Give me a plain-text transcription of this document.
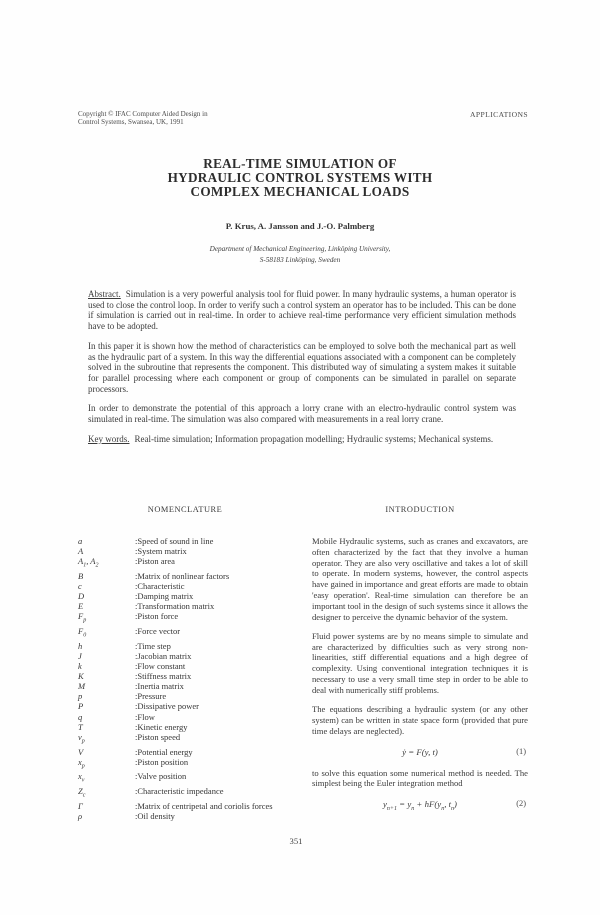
Copyright © IFAC Computer Aided Design in
Control Systems, Swansea, UK, 1991
APPLICATIONS
REAL-TIME SIMULATION OF
HYDRAULIC CONTROL SYSTEMS WITH
COMPLEX MECHANICAL LOADS
P. Krus, A. Jansson and J.-O. Palmberg
Department of Mechanical Engineering, Linköping University,
S-58183 Linköping, Sweden

Abstract. Simulation is a very powerful analysis tool for fluid power. In many hydraulic systems, a human operator is used to close the control loop. In order to verify such a control system an operator has to be included. This can be done if simulation is carried out in real-time. In order to achieve real-time performance very efficient simulation methods have to be adopted.

In this paper it is shown how the method of characteristics can be employed to solve both the mechanical part as well as the hydraulic part of a system. In this way the differential equations associated with a component can be completely solved in the subroutine that represents the component. This distributed way of simulating a system makes it suitable for parallel processing where each component or group of components can be simulated in parallel on separate processors.

In order to demonstrate the potential of this approach a lorry crane with an electro-hydraulic control system was simulated in real-time. The simulation was also compared with measurements in a real lorry crane.

Key words. Real-time simulation; Information propagation modelling; Hydraulic systems; Mechanical systems.

NOMENCLATURE
a	:Speed of sound in line
A	:System matrix
$A_1$, $A_2$	:Piston area
B	:Matrix of nonlinear factors
c	:Characteristic
D	:Damping matrix
E	:Transformation matrix
$F_p$	:Piston force
$F_0$	:Force vector
h	:Time step
J	:Jacobian matrix
k	:Flow constant
K	:Stiffness matrix
M	:Inertia matrix
p	:Pressure
P	:Dissipative power
q	:Flow
T	:Kinetic energy
$v_p$	:Piston speed
V	:Potential energy
$x_p$	:Piston position
$x_v$	:Valve position
$Z_c$	:Characteristic impedance
Γ	:Matrix of centripetal and coriolis forces
ρ	:Oil density
INTRODUCTION

Mobile Hydraulic systems, such as cranes and excavators, are often characterized by the fact that they involve a human operator. They are also very oscillative and takes a lot of skill to operate. In modern systems, however, the control aspects have gained in importance and great efforts are made to obtain 'easy operation'. Real-time simulation can therefore be an important tool in the design of such systems since it allows the designer to perceive the dynamic behavior of the system.

Fluid power systems are by no means simple to simulate and are characterized by difficulties such as very strong non-linearities, stiff differential equations and a high degree of complexity. Using conventional integration techniques it is necessary to use a very small time step in order to be able to deal with numerically stiff problems.

The equations describing a hydraulic system (or any other system) can be written in state space form (provided that pure time delays are neglected).

ẏ = F(y, t)	(1)

to solve this equation some numerical method is needed. The simplest being the Euler integration method

$y_{n+1} = y_n + hF(y_n$, $t_n$)	(2)
351
